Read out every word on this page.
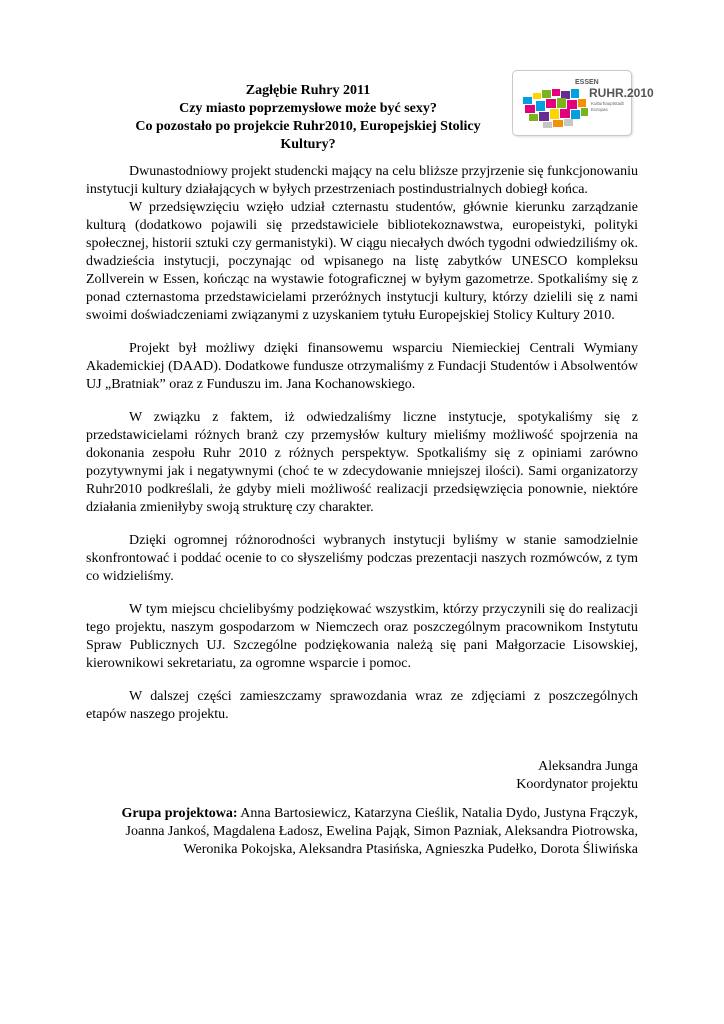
Zagłębie Ruhry 2011
Czy miasto poprzemysłowe może być sexy?
Co pozostało po projekcie Ruhr2010, Europejskiej Stolicy
Kultury?
ESSEN
RUHR.2010
Kulturhauptstadt
Europas

Dwunastodniowy projekt studencki mający na celu bliższe przyjrzenie się funkcjonowaniu instytucji kultury działających w byłych przestrzeniach postindustrialnych dobiegł końca.

W przedsięwzięciu wzięło udział czternastu studentów, głównie kierunku zarządzanie kulturą (dodatkowo pojawili się przedstawiciele bibliotekoznawstwa, europeistyki, polityki społecznej, historii sztuki czy germanistyki). W ciągu niecałych dwóch tygodni odwiedziliśmy ok. dwadzieścia instytucji, poczynając od wpisanego na listę zabytków UNESCO kompleksu Zollverein w Essen, kończąc na wystawie fotograficznej w byłym gazometrze. Spotkaliśmy się z ponad czternastoma przedstawicielami przeróżnych instytucji kultury, którzy dzielili się z nami swoimi doświadczeniami związanymi z uzyskaniem tytułu Europejskiej Stolicy Kultury 2010.

Projekt był możliwy dzięki finansowemu wsparciu Niemieckiej Centrali Wymiany Akademickiej (DAAD). Dodatkowe fundusze otrzymaliśmy z Fundacji Studentów i Absolwentów UJ „Bratniak” oraz z Funduszu im. Jana Kochanowskiego.

W związku z faktem, iż odwiedzaliśmy liczne instytucje, spotykaliśmy się z przedstawicielami różnych branż czy przemysłów kultury mieliśmy możliwość spojrzenia na dokonania zespołu Ruhr 2010 z różnych perspektyw. Spotkaliśmy się z opiniami zarówno pozytywnymi jak i negatywnymi (choć te w zdecydowanie mniejszej ilości). Sami organizatorzy Ruhr2010 podkreślali, że gdyby mieli możliwość realizacji przedsięwzięcia ponownie, niektóre działania zmieniłyby swoją strukturę czy charakter.

Dzięki ogromnej różnorodności wybranych instytucji byliśmy w stanie samodzielnie skonfrontować i poddać ocenie to co słyszeliśmy podczas prezentacji naszych rozmówców, z tym co widzieliśmy.

W tym miejscu chcielibyśmy podziękować wszystkim, którzy przyczynili się do realizacji tego projektu, naszym gospodarzom w Niemczech oraz poszczególnym pracownikom Instytutu Spraw Publicznych UJ. Szczególne podziękowania należą się pani Małgorzacie Lisowskiej, kierownikowi sekretariatu, za ogromne wsparcie i pomoc.

W dalszej części zamieszczamy sprawozdania wraz ze zdjęciami z poszczególnych etapów naszego projektu.

Aleksandra Junga
Koordynator projektu
Grupa projektowa: Anna Bartosiewicz, Katarzyna Cieślik, Natalia Dydo, Justyna Frączyk,
Joanna Jankoś, Magdalena Ładosz, Ewelina Pająk, Simon Pazniak, Aleksandra Piotrowska,
Weronika Pokojska, Aleksandra Ptasińska, Agnieszka Pudełko, Dorota Śliwińska
